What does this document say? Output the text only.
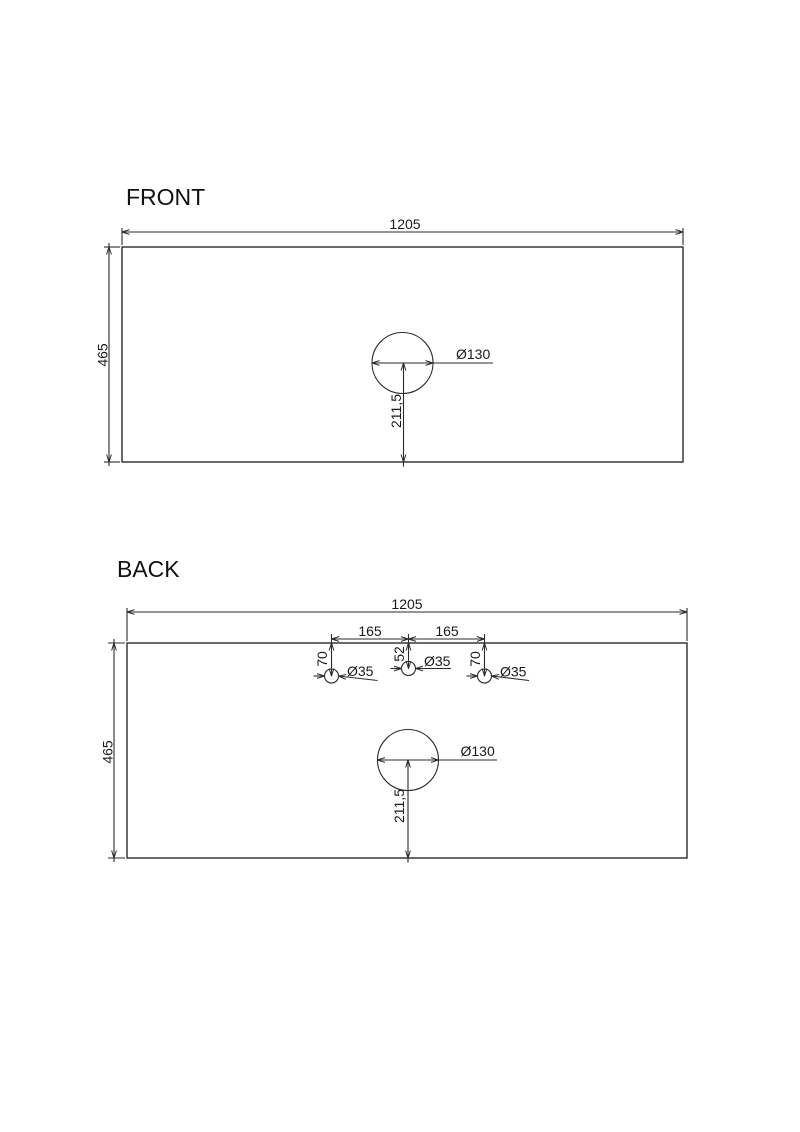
FRONT
1205
465	Ø130
211,5
BACK
1205
465
165	165
70
Ø35
52 Ø35 70
Ø35
Ø130
211,5
